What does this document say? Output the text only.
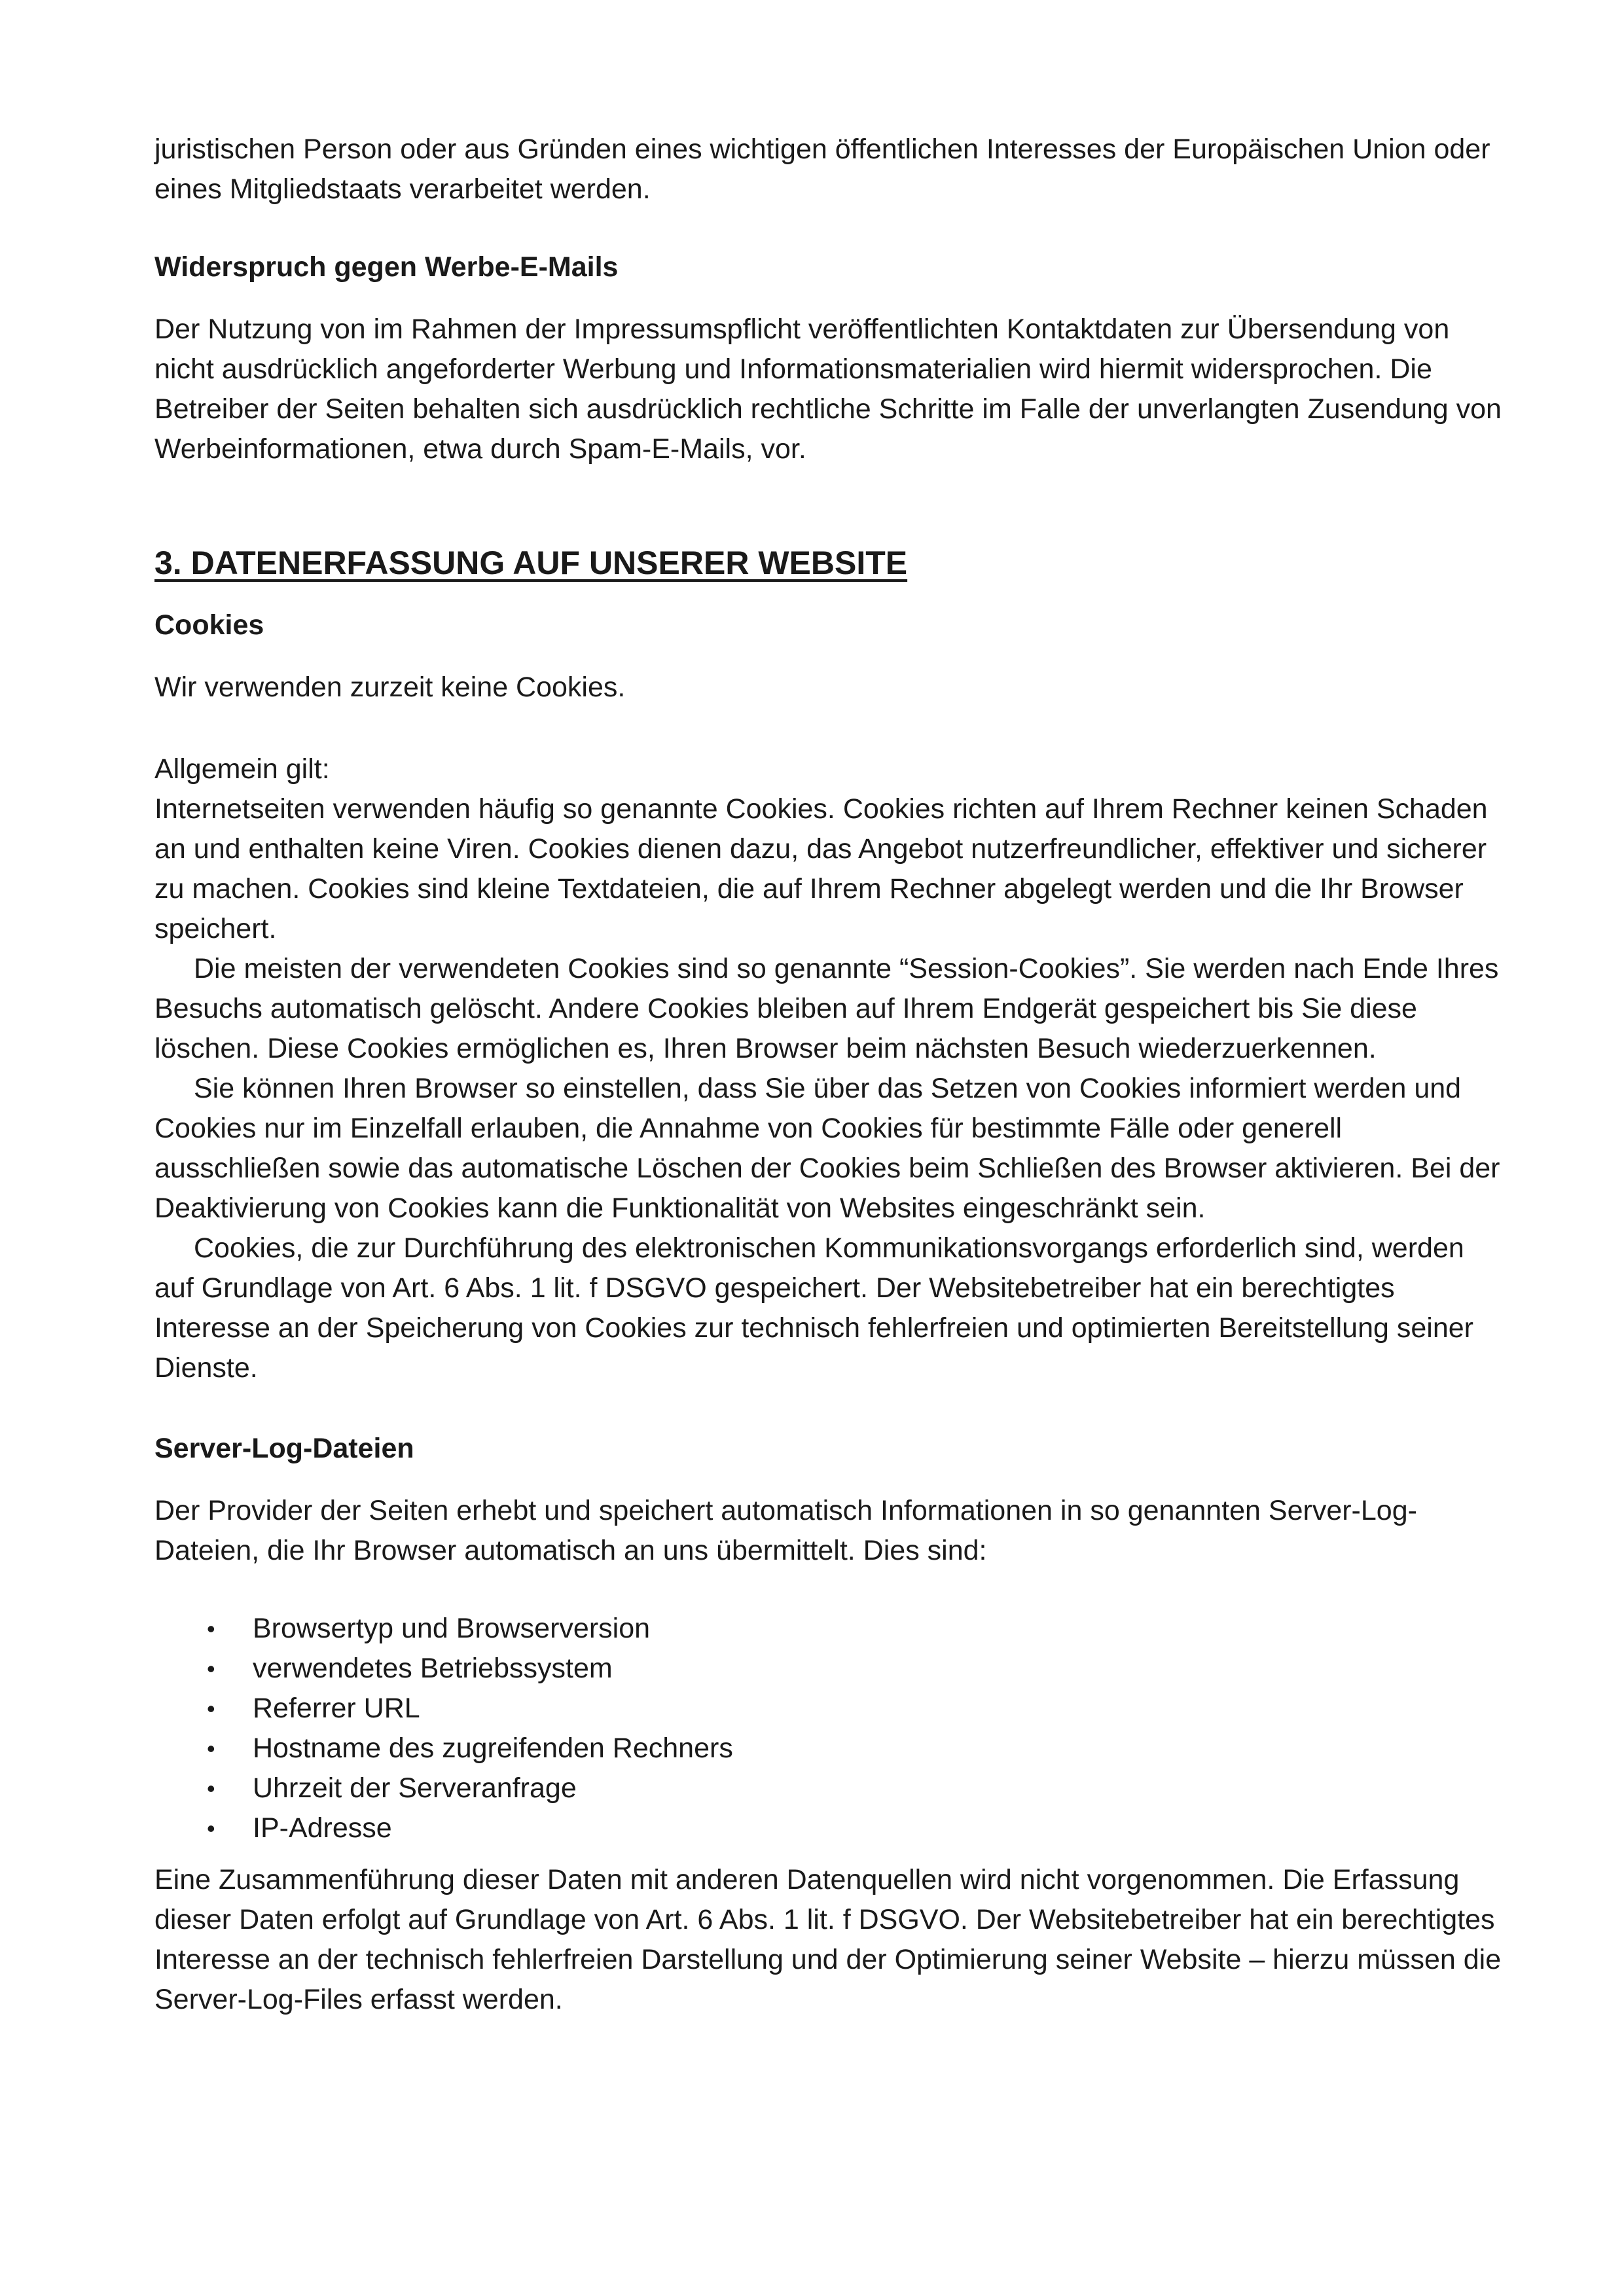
juristischen Person oder aus Gründen eines wichtigen öffentlichen Interesses der Europäischen Union oder eines Mitgliedstaats verarbeitet werden.

Widerspruch gegen Werbe-E-Mails

Der Nutzung von im Rahmen der Impressumspflicht veröffentlichten Kontaktdaten zur Übersendung von nicht ausdrücklich angeforderter Werbung und Informationsmaterialien wird hiermit widersprochen. Die Betreiber der Seiten behalten sich ausdrücklich rechtliche Schritte im Falle der unverlangten Zusendung von Werbeinformationen, etwa durch Spam-E-Mails, vor.

3. DATENERFASSUNG AUF UNSERER WEBSITE

Cookies

Wir verwenden zurzeit keine Cookies.

Allgemein gilt:

Internetseiten verwenden häufig so genannte Cookies. Cookies richten auf Ihrem Rechner keinen Schaden an und enthalten keine Viren. Cookies dienen dazu, das Angebot nutzerfreundlicher, effektiver und sicherer zu machen. Cookies sind kleine Textdateien, die auf Ihrem Rechner abgelegt werden und die Ihr Browser speichert.

Die meisten der verwendeten Cookies sind so genannte “Session-Cookies”. Sie werden nach Ende Ihres Besuchs automatisch gelöscht. Andere Cookies bleiben auf Ihrem Endgerät gespeichert bis Sie diese löschen. Diese Cookies ermöglichen es, Ihren Browser beim nächsten Besuch wiederzuerkennen.

Sie können Ihren Browser so einstellen, dass Sie über das Setzen von Cookies informiert werden und Cookies nur im Einzelfall erlauben, die Annahme von Cookies für bestimmte Fälle oder generell ausschließen sowie das automatische Löschen der Cookies beim Schließen des Browser aktivieren. Bei der Deaktivierung von Cookies kann die Funktionalität von Websites eingeschränkt sein.

Cookies, die zur Durchführung des elektronischen Kommunikationsvorgangs erforderlich sind, werden auf Grundlage von Art. 6 Abs. 1 lit. f DSGVO gespeichert. Der Websitebetreiber hat ein berechtigtes Interesse an der Speicherung von Cookies zur technisch fehlerfreien und optimierten Bereitstellung seiner Dienste.

Server-Log-Dateien

Der Provider der Seiten erhebt und speichert automatisch Informationen in so genannten Server-Log-Dateien, die Ihr Browser automatisch an uns übermittelt. Dies sind:

• Browsertyp und Browserversion
• verwendetes Betriebssystem
• Referrer URL
• Hostname des zugreifenden Rechners
• Uhrzeit der Serveranfrage
• IP-Adresse

Eine Zusammenführung dieser Daten mit anderen Datenquellen wird nicht vorgenommen. Die Erfassung dieser Daten erfolgt auf Grundlage von Art. 6 Abs. 1 lit. f DSGVO. Der Websitebetreiber hat ein berechtigtes Interesse an der technisch fehlerfreien Darstellung und der Optimierung seiner Website – hierzu müssen die Server-Log-Files erfasst werden.
